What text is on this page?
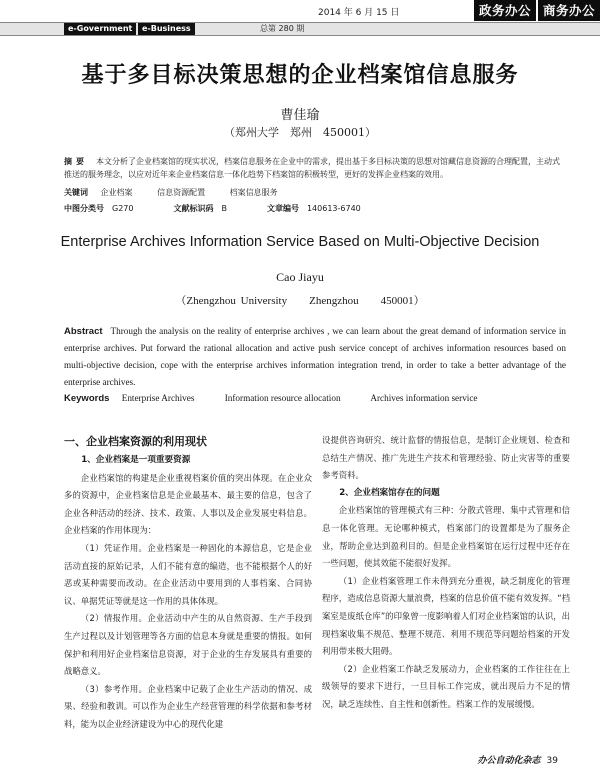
2014 年 6 月 15 日	政务办公 商务办公
e-Government	e-Business	总第 280 期
基于多目标决策思想的企业档案馆信息服务
曹佳瑜
（郑州大学　郑州　450001）
摘要 本文分析了企业档案馆的现实状况，档案信息服务在企业中的需求，提出基于多目标决策的思想对馆藏信息资源的合理配置，主动式推送的服务理念，以应对近年来企业档案信息一体化趋势下档案馆的积极转型，更好的发挥企业档案的效用。
关键词 企业档案	信息资源配置	档案信息服务
中图分类号 G270	文献标识码 B	文章编号 140613-6740
Enterprise Archives Information Service Based on Multi-Objective Decision
Cao Jiayu
（Zhengzhou University　　Zhengzhou　　450001）
Abstract Through the analysis on the reality of enterprise archives , we can learn about the great demand of information service in enterprise archives. Put forward the rational allocation and active push service concept of archives information resources based on multi-objective decision, cope with the enterprise archives information integration trend, in order to take a better advantage of the enterprise archives.
Keywords Enterprise Archives	Information resource allocation	Archives information service

一、企业档案资源的利用现状

1、企业档案是一项重要资源

企业档案馆的构建是企业重视档案价值的突出体现。在企业众多的资源中，企业档案信息是企业最基本、最主要的信息，包含了企业各种活动的经济、技术、政策、人事以及企业发展史料信息。企业档案的作用体现为：

（1）凭证作用。企业档案是一种固化的本源信息，它是企业活动直接的原始记录，人们不能有意的编造，也不能根据个人的好恶或某种需要而改动。在企业活动中要用到的人事档案、合同协议、单据凭证等就是这一作用的具体体现。

（2）情报作用。企业活动中产生的从自然资源、生产手段到生产过程以及计划管理等各方面的信息本身就是重要的情报。如何保护和利用好企业档案信息资源，对于企业的生存发展具有重要的战略意义。

（3）参考作用。企业档案中记载了企业生产活动的情况、成果、经验和教训。可以作为企业生产经营管理的科学依据和参考材料，能为以企业经济建设为中心的现代化建

设提供咨询研究、统计监督的情报信息，是制订企业规划、检查和总结生产情况、推广先进生产技术和管理经验、防止灾害等的重要参考资料。

2、企业档案馆存在的问题

企业档案馆的管理模式有三种：分散式管理、集中式管理和信息一体化管理。无论哪种模式，档案部门的设置都是为了服务企业，帮助企业达到盈利目的。但是企业档案馆在运行过程中还存在一些问题，使其效能不能很好发挥。

（1）企业档案管理工作未得到充分重视，缺乏制度化的管理程序，造成信息资源大量浪费，档案的信息价值不能有效发挥。“档案室是废纸仓库”的印象曾一度影响着人们对企业档案馆的认识，出现档案收集不规范、整理不规范、利用不规范等问题给档案的开发利用带来极大阻碍。

（2）企业档案工作缺乏发展动力，企业档案的工作往往在上级领导的要求下进行，一旦目标工作完成，就出现后力不足的情况，缺乏连续性、自主性和创新性。档案工作的发展缓慢。

办公自动化杂志 39
